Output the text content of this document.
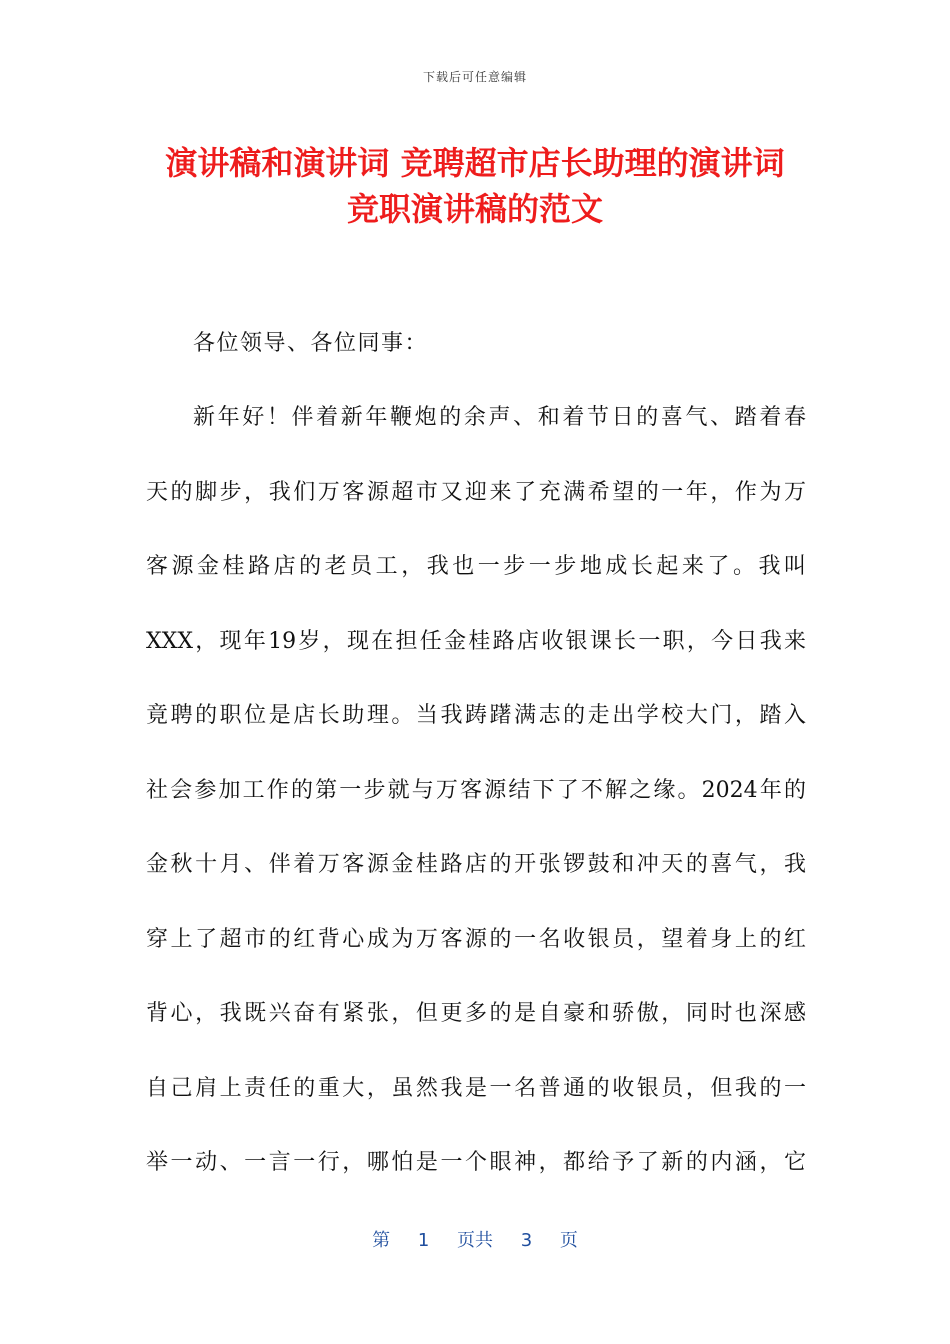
下载后可任意编辑
演讲稿和演讲词 竞聘超市店长助理的演讲词
竞职演讲稿的范文

各位领导、各位同事：

新年好！伴着新年鞭炮的余声、和着节日的喜气、踏着春
天的脚步，我们万客源超市又迎来了充满希望的一年，作为万
客源金桂路店的老员工，我也一步一步地成长起来了。我叫
XXX，现年19岁，现在担任金桂路店收银课长一职，今日我来
竟聘的职位是店长助理。当我踌躇满志的走出学校大门，踏入
社会参加工作的第一步就与万客源结下了不解之缘。2024年的
金秋十月、伴着万客源金桂路店的开张锣鼓和冲天的喜气，我
穿上了超市的红背心成为万客源的一名收银员，望着身上的红
背心，我既兴奋有紧张，但更多的是自豪和骄傲，同时也深感
自己肩上责任的重大，虽然我是一名普通的收银员，但我的一
举一动、一言一行，哪怕是一个眼神，都给予了新的内涵，它
第 1 页共 3 页
